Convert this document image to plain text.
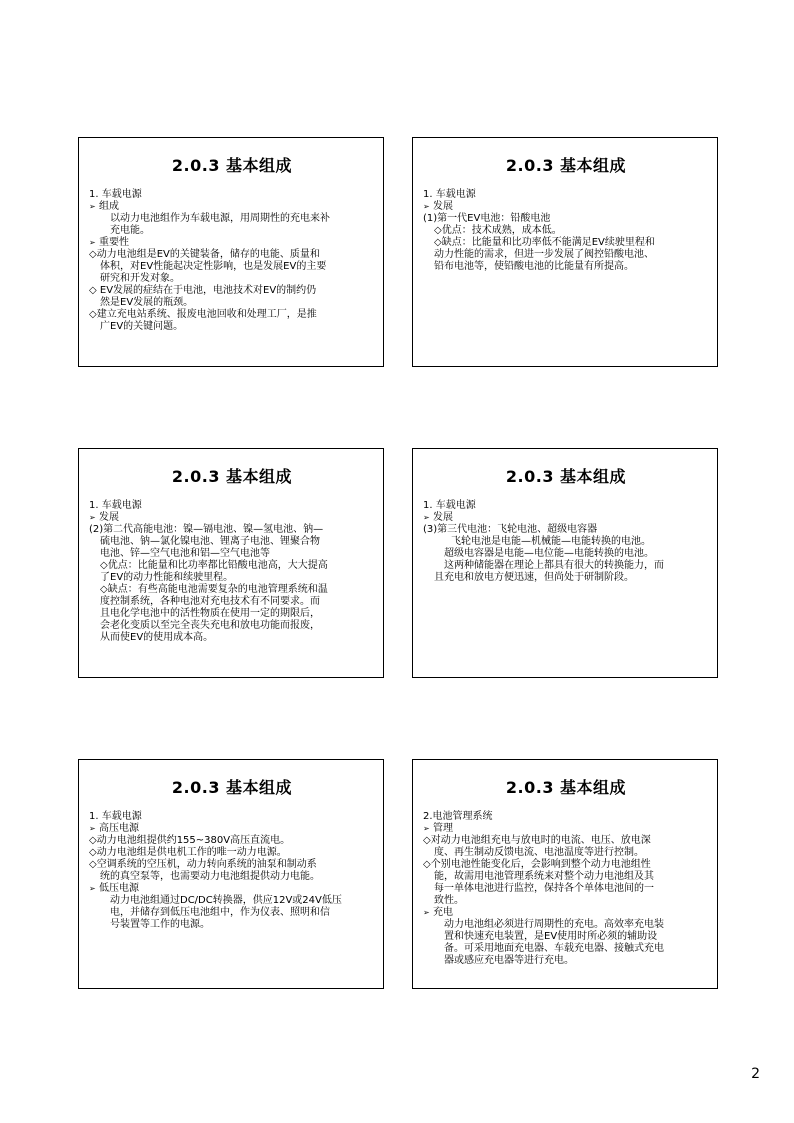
2.0.3 基本组成
1. 车载电源
➢ 组成
以动力电池组作为车载电源，用周期性的充电来补
充电能。
➢ 重要性
◇动力电池组是EV的关键装备，储存的电能、质量和
体积，对EV性能起决定性影响，也是发展EV的主要
研究和开发对象。
◇ EV发展的症结在于电池，电池技术对EV的制约仍
然是EV发展的瓶颈。
◇建立充电站系统、报废电池回收和处理工厂，是推
广EV的关键问题。
2.0.3 基本组成
1. 车载电源
➢ 发展
(1)第一代EV电池：铅酸电池
◇优点：技术成熟，成本低。
◇缺点：比能量和比功率低不能满足EV续驶里程和
动力性能的需求，但进一步发展了阀控铅酸电池、
铅布电池等，使铅酸电池的比能量有所提高。
2.0.3 基本组成
1. 车载电源
➢ 发展
(2)第二代高能电池：镍—镉电池、镍—氢电池、钠—
硫电池、钠—氯化镍电池、锂离子电池、锂聚合物
电池、锌—空气电池和铝—空气电池等
◇优点：比能量和比功率都比铅酸电池高，大大提高
了EV的动力性能和续驶里程。
◇缺点：有些高能电池需要复杂的电池管理系统和温
度控制系统，各种电池对充电技术有不同要求。而
且电化学电池中的活性物质在使用一定的期限后，
会老化变质以至完全丧失充电和放电功能而报废，
从而使EV的使用成本高。
2.0.3 基本组成
1. 车载电源
➢ 发展
(3)第三代电池：飞轮电池、超级电容器
飞轮电池是电能—机械能—电能转换的电池。
超级电容器是电能—电位能—电能转换的电池。
这两种储能器在理论上都具有很大的转换能力，而
且充电和放电方便迅速，但尚处于研制阶段。
2.0.3 基本组成
1. 车载电源
➢ 高压电源
◇动力电池组提供约155~380V高压直流电。
◇动力电池组是供电机工作的唯一动力电源。
◇空调系统的空压机，动力转向系统的油泵和制动系
统的真空泵等，也需要动力电池组提供动力电能。
➢ 低压电源
动力电池组通过DC/DC转换器，供应12V或24V低压
电，并储存到低压电池组中，作为仪表、照明和信
号装置等工作的电源。
2.0.3 基本组成
2.电池管理系统
➢ 管理
◇对动力电池组充电与放电时的电流、电压、放电深
度、再生制动反馈电流、电池温度等进行控制。
◇个别电池性能变化后，会影响到整个动力电池组性
能，故需用电池管理系统来对整个动力电池组及其
每一单体电池进行监控，保持各个单体电池间的一
致性。
➢ 充电
动力电池组必须进行周期性的充电。高效率充电装
置和快速充电装置，是EV使用时所必须的辅助设
备。可采用地面充电器、车载充电器、接触式充电
器或感应充电器等进行充电。
2
